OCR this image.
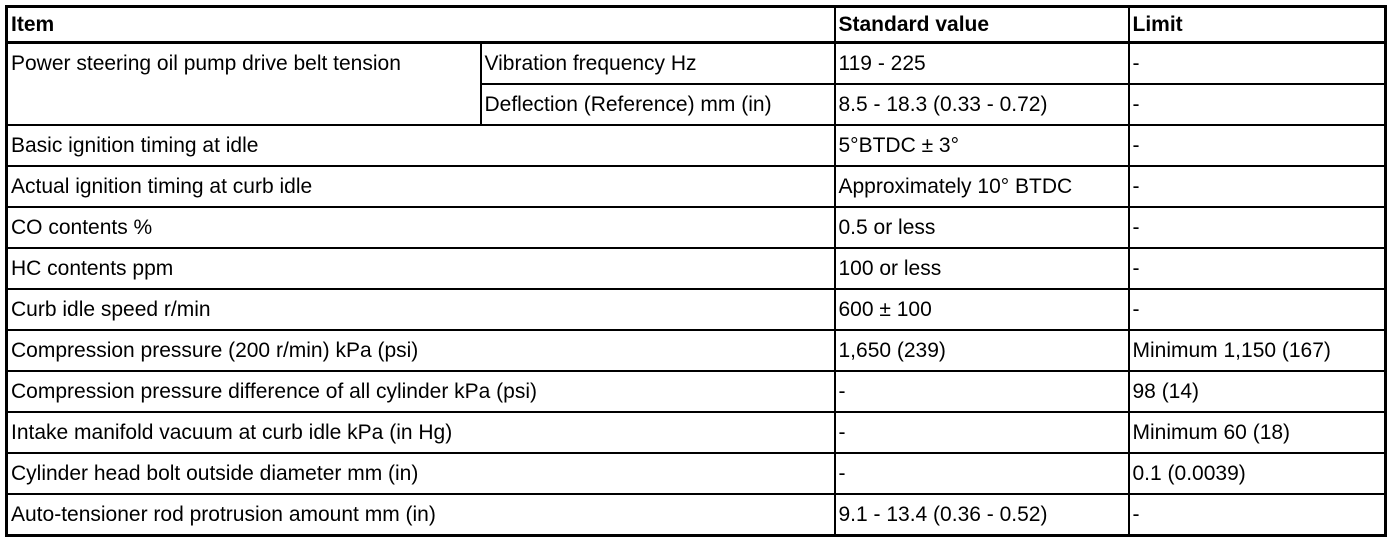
Item		Standard value	Limit
Power steering oil pump drive belt tension	Vibration frequency Hz	119 - 225	-
	Deflection (Reference) mm (in)	8.5 - 18.3 (0.33 - 0.72)	-
Basic ignition timing at idle		5°BTDC ± 3°	-
Actual ignition timing at curb idle		Approximately 10° BTDC	-
CO contents %		0.5 or less	-
HC contents ppm		100 or less	-
Curb idle speed r/min		600 ± 100	-
Compression pressure (200 r/min) kPa (psi)		1,650 (239)	Minimum 1,150 (167)
Compression pressure difference of all cylinder kPa (psi)		-	98 (14)
Intake manifold vacuum at curb idle kPa (in Hg)		-	Minimum 60 (18)
Cylinder head bolt outside diameter mm (in)		-	0.1 (0.0039)
Auto-tensioner rod protrusion amount mm (in)		9.1 - 13.4 (0.36 - 0.52)	-
